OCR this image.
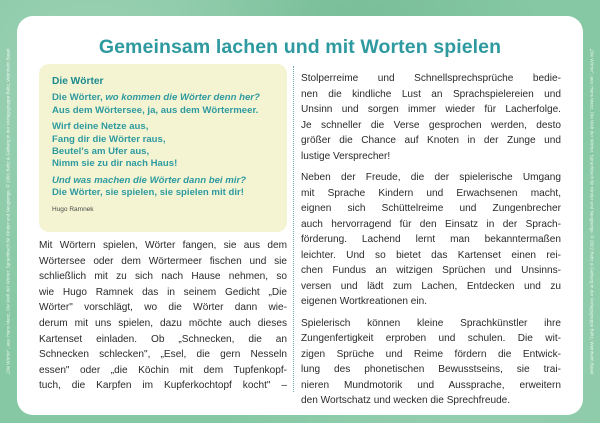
„Die Wörter", aus: Hans Manz, Die Welt der Wörter. Sprachbuch für Kinder und Neugierige. © 1991 Beltz & Gelberg in der Verlagsgruppe Beltz, Weinheim Basel	„Die Wörter", aus: Hans Manz, Die Welt der Wörter. Sprachbuch für Kinder und Neugierige. © 2022 Beltz & Gelberg in der Verlagsgruppe Beltz, Weinheim Basel
Gemeinsam lachen und mit Worten spielen
Die Wörter
Die Wörter, wo kommen die Wörter denn her?
Aus dem Wörtersee, ja, aus dem Wörtermeer.
Wirf deine Netze aus,
Fang dir die Wörter raus,
Beutel's am Ufer aus,
Nimm sie zu dir nach Haus!
Und was machen die Wörter dann bei mir?
Die Wörter, sie spielen, sie spielen mit dir!
Hugo Ramnek
Mit Wörtern spielen, Wörter fangen, sie aus dem
Wörtersee oder dem Wörtermeer fischen und sie
schließlich mit zu sich nach Hause nehmen, so
wie Hugo Ramnek das in seinem Gedicht „Die
Wörter" vorschlägt, wo die Wörter dann wie-
derum mit uns spielen, dazu möchte auch dieses
Kartenset einladen. Ob „Schnecken, die an
Schnecken schlecken", „Esel, die gern Nesseln
essen" oder „die Köchin mit dem Tupfenkopf-
tuch, die Karpfen im Kupferkochtopf kocht" –

Stolperreime und Schnellsprechsprüche bedie-
nen die kindliche Lust an Sprachspielereien und
Unsinn und sorgen immer wieder für Lacherfolge.
Je schneller die Verse gesprochen werden, desto
größer die Chance auf Knoten in der Zunge und
lustige Versprecher!

Neben der Freude, die der spielerische Umgang
mit Sprache Kindern und Erwachsenen macht,
eignen sich Schüttelreime und Zungenbrecher
auch hervorragend für den Einsatz in der Sprach-
förderung. Lachend lernt man bekanntermaßen
leichter. Und so bietet das Kartenset einen rei-
chen Fundus an witzigen Sprüchen und Unsinns-
versen und lädt zum Lachen, Entdecken und zu
eigenen Wortkreationen ein.

Spielerisch können kleine Sprachkünstler ihre
Zungenfertigkeit erproben und schulen. Die wit-
zigen Sprüche und Reime fördern die Entwick-
lung des phonetischen Bewusstseins, sie trai-
nieren Mundmotorik und Aussprache, erweitern
den Wortschatz und wecken die Sprechfreude.
